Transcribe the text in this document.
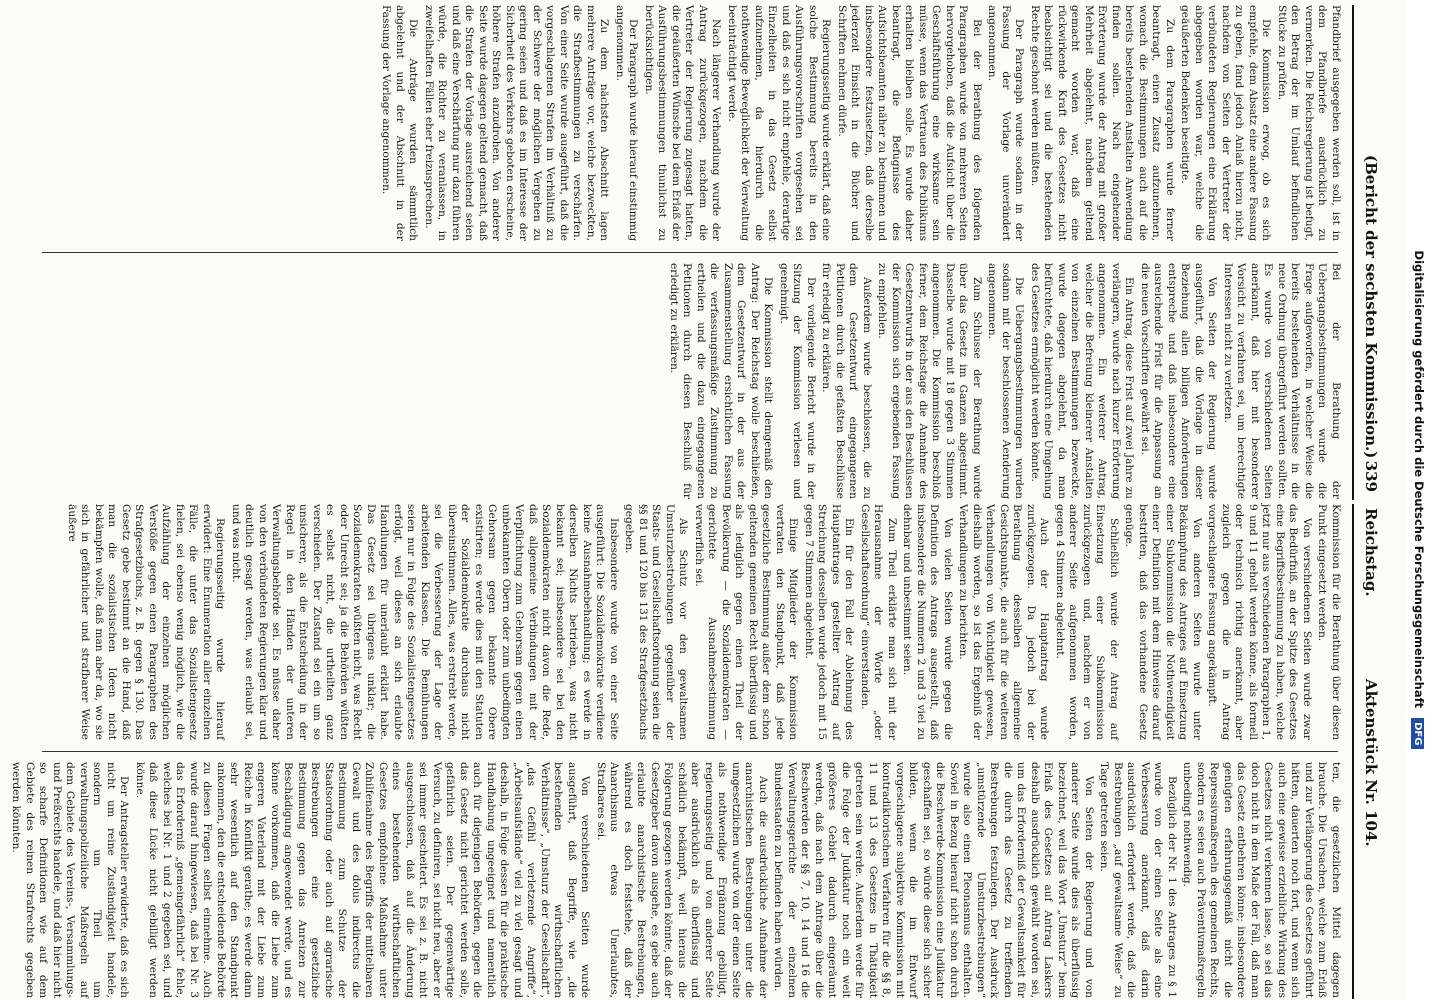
Digitalisierung gefördert durch die Deutsche Forschungsgemeinschaft DFG
Reichstag.
Aktenstück Nr. 104.

Kommission für die Berathung über diesen Punkt eingesetzt werden.

Von verschiedenen Seiten wurde zwar das Bedürfniß, an der Spitze des Gesetzes eine Begriffsbestimmung zu haben, welche jetzt nur aus verschiedenen Paragraphen 1, 9 und 11 geholt werden könne, als formell oder technisch richtig anerkannt, aber zugleich gegen die in Antrag vorgeschlagene Fassung angekämpft.

Von anderen Seiten wurde unter Bekämpfung des Antrages auf Einsetzung einer Subkommission die Nothwendigkeit einer Definition mit dem Hinweise darauf bestritten, daß das vorhandene Gesetz genüge.

Schließlich wurde der Antrag auf Einsetzung einer Subkommission zurückgezogen und, nachdem er von anderer Seite aufgenommen worden, gegen 4 Stimmen abgelehnt.

Auch der Hauptantrag wurde zurückgezogen. Da jedoch bei der Berathung desselben allgemeine Gesichtspunkte, die auch für die weiteren Verhandlungen von Wichtigkeit gewesen, dieshalb worden, so ist das Ergebniß der Verhandlungen zu berichten.

Von vielen Seiten wurde gegen die Definition des Antrags ausgestellt, daß insbesondere die Nummern 2 und 3 viel zu dehnbar und unbestimmt seien.

Zum Theil erklärte man sich mit der Herausnahme der Worte „oder Gesellschaftsordnung“ einverstanden.

Ein für den Fall der Ablehnung des Hauptantrages gestellter Antrag auf Streichung desselben wurde jedoch mit 15 gegen 7 Stimmen abgelehnt.

Einige Mitglieder der Kommission vertraten den Standpunkt, daß jede gesetzliche Bestimmung außer dem schon geltenden gemeinen Recht überflüssig und als lediglich gegen einen Theil der Bevölkerung — die Sozialdemokraten — gerichtete Ausnahmebestimmung verwerflich sei.

Als Schutz vor den gewaltsamen Umsturzbestrebungen gegenüber der Staats- und Gesellschaftsordnung seien die §§ 81 und 120 bis 131 des Strafgesetzbuchs gegeben.

Insbesondere wurde von einer Seite ausgeführt: Die Sozialdemokratie verdiene keine Ausnahmebehandlung; es werde in derselben Nichts betrieben, was nicht bekannt sei; insbesondere sei bei den Sozialdemokraten nicht davon die Rede, daß allgemeine Verbindungen mit der Verpflichtung zum Gehorsam gegen einen unbekannten Obern oder zum unbedingten Gehorsam gegen bekannte Obere existirten; es werde dies mit den Statuten der Sozialdemokratie durchaus nicht übereinstimmen. Alles, was erstrebt werde, sei die Verbesserung der Lage der arbeitenden Klassen. Die Bemühungen seien nur in Folge des Sozialistengesetzes erfolgt, weil dieses an sich erlaubte Handlungen für unerlaubt erklärt habe. Das Gesetz sei übrigens unklar; die Sozialdemokraten wüßten nicht, was Recht oder Unrecht sei; ja die Behörden wüßten es selbst nicht, die urtheilten ganz verschieden. Der Zustand sei ein um so unsicherer, als die Entscheidung in der Regel in den Händen der unteren Verwaltungsbehörde sei. Es müsse daher von den verbündeten Regierungen klar und deutlich gesagt werden, was erlaubt sei, und was nicht.

Regierungsseitig wurde hierauf erwidert: Eine Enumeration aller einzelnen Fälle, die unter das Sozialistengesetz fielen, sei ebenso wenig möglich, wie die Aufzählung der einzelnen möglichen Verstöße gegen einen Paragraphen des Strafgesetzbuchs, z. B. gegen § 130. Das Gesetz gebe bestimmt an die Hand, daß man die sozialistischen Ideen nicht bekämpfen wolle, daß man aber da, wo sie sich in gefährlicher und strafbarer Weise äußere

ten, die gesetzlichen Mittel dagegen brauche. Die Ursachen, welche zum Erlaß und zur Verlängerung des Gesetzes geführt hätten, dauerten noch fort, und wenn sich auch eine gewisse erziehliche Wirkung des Gesetzes nicht verkennen lasse, so sei das doch nicht in dem Maße der Fall, daß man das Gesetz entbehren könne; insbesondere genügten erfahrungsgemäß nicht die Repressivmaßregeln des gemeinen Rechts, sondern es seien auch Präventivmaßregeln unbedingt nothwendig.

Bezüglich der Nr. 1 des Antrages zu § 1 wurde von der einen Seite als eine Verbesserung anerkannt, daß darin ausdrücklich erfordert werde, daß die Bestrebungen „auf gewaltsame Weise“ zu Tage getreten seien.

Von Seiten der Regierung und von anderer Seite wurde dies als überflüssig bezeichnet, weil das Wort „Umsturz“ beim Erlaß des Gesetzes auf Antrag Laskers deshalb ausdrücklich gewählt worden sei, um das Erforderniß der Gewaltsamkeit für die durch das Gesetz zu treffenden Bestrebungen festzulegen. Der Ausdruck „umstürzende Umsturzbestrebungen“ wurde also einen Pleonasmus enthalten. Soviel in Bezug hierauf nicht schon durch die Beschwerde-Kommission eine Judikatur geschaffen sei, so würde diese sich sicher bilden, wenn die im Entwurf vorgeschlagene subjektive Kommission mit kontradiktorischem Verfahren für die §§ 8, 11 und 13 des Gesetzes in Thätigkeit getreten sein werde. Außerdem werde für die Folge der Judikatur noch ein weit größeres Gebiet dadurch eingeräumt werden, daß nach dem Antrage über die Beschwerden der §§ 7, 10, 14 und 16 die Verwaltungsgerichte der einzelnen Bundesstaaten zu befinden haben würden.

Auch die ausdrückliche Aufnahme der anarchistischen Bestrebungen unter die umgesetzlichen wurde von der einen Seite als nothwendige Ergänzung gebilligt, regierungsseitig und von anderer Seite aber ausdrücklich als überflüssig und schädlich bekämpft, weil hieraus die Folgerung gezogen werden könnte, daß der Gesetzgeber davon ausgehe, es gebe auch erlaubte anarchistische Bestrebungen, während es doch feststehe, daß der Anarchismus etwas Unerlaubtes, Strafbares sei.

Von verschiedenen Seiten wurde ausgeführt, daß Begriffe, wie „die bestehenden wirthschaftlichen Verhältnisse“, „Umsturz der Gesellschaft“, „das Gefühl verletzende Angriffe“, „Arbeitsaufstände“ viel zu viel gesagt und deshalb, in Folge dessen für die praktische Handhabung ungeeignet und namentlich auch für diejenigen Behörden, gegen die das Gesetz nicht gerichtet werden solle, gefährlich seien. Der gegenwärtige Versuch, zu definiren, sei nicht neu, aber er sei immer gescheitert. Es sei z. B. nicht ausgeschlossen, daß auf die Änderung eines bestehenden wirthschaftlichen Gesetzes empfohlene Maßnahme unter Zuhilfenahme des Begriffs der mittelbaren Gewalt und des dolus indirectus die Bestimmung zum Schutze der Staatsordnung oder auch auf agrarische Bestrebungen eine gesetzliche Bestimmung gegen das Anreizen zur Beschädigung angewendet werde, und es könne vorkommen, daß die Liebe zum engeren Vaterland mit der Liebe zum Reiche in Konflikt gerathe; es werde dann sehr wesentlich auf den Standpunkt ankommen, den die entscheidende Behörde zu diesen Fragen selbst einnehme. Auch wurde darauf hingewiesen, daß bei Nr. 3 das Erforderniß „gemeingefährlich“ fehle, welches bei Nr. 1 und 2 gegeben sei, und daß diese Lücke nicht gebilligt werden könne.

Der Antragsteller erwiderte, daß es sich nicht um reine Zuständigkeit handele, sondern um Theil um verwaltungspolizeiliche Maßregeln auf dem Gebiete des Vereins-, Versammlungs- und Preßrechts handele, und daß hier nicht so scharfe Definitionen wie auf dem Gebiete des reinen Strafrechts gegeben werden könnten.

(Bericht der sechsten Kommission.)
339

Pfandbrief ausgegeben werden soll, ist in dem Pfandbriefe ausdrücklich zu vermerken. Die Reichsregierung ist befugt, den Betrag der im Umlauf befindlichen Stücke zu prüfen.

Die Kommission erwog, ob es sich empfehle, dem Absatz eine andere Fassung zu geben, fand jedoch Anlaß hierzu nicht, nachdem von Seiten der Vertreter der verbündeten Regierungen eine Erklärung abgegeben worden war, welche die geäußerten Bedenken beseitigte.

Zu dem Paragraphen wurde ferner beantragt, einen Zusatz aufzunehmen, wonach die Bestimmungen auch auf die bereits bestehenden Anstalten Anwendung finden sollen. Nach eingehender Erörterung wurde der Antrag mit großer Mehrheit abgelehnt, nachdem geltend gemacht worden war, daß eine rückwirkende Kraft des Gesetzes nicht beabsichtigt sei und die bestehenden Rechte geschont werden müßten.

Der Paragraph wurde sodann in der Fassung der Vorlage unverändert angenommen.

Bei der Berathung des folgenden Paragraphen wurde von mehreren Seiten hervorgehoben, daß die Aufsicht über die Geschäftsführung eine wirksame sein müsse, wenn das Vertrauen des Publikums erhalten bleiben solle. Es wurde daher beantragt, die Befugnisse des Aufsichtsbeamten näher zu bestimmen und insbesondere festzusetzen, daß derselbe jederzeit Einsicht in die Bücher und Schriften nehmen dürfe.

Regierungsseitig wurde erklärt, daß eine solche Bestimmung bereits in den Ausführungsvorschriften vorgesehen sei und daß es sich nicht empfehle, derartige Einzelheiten in das Gesetz selbst aufzunehmen, da hierdurch die nothwendige Beweglichkeit der Verwaltung beeinträchtigt werde.

Nach längerer Verhandlung wurde der Antrag zurückgezogen, nachdem die Vertreter der Regierung zugesagt hatten, die geäußerten Wünsche bei dem Erlaß der Ausführungsbestimmungen thunlichst zu berücksichtigen.

Der Paragraph wurde hierauf einstimmig angenommen.

Zu dem nächsten Abschnitt lagen mehrere Anträge vor, welche bezweckten, die Strafbestimmungen zu verschärfen. Von einer Seite wurde ausgeführt, daß die vorgeschlagenen Strafen im Verhältniß zu der Schwere der möglichen Vergehen zu gering seien und daß es im Interesse der Sicherheit des Verkehrs geboten erscheine, höhere Strafen anzudrohen. Von anderer Seite wurde dagegen geltend gemacht, daß die Strafen der Vorlage ausreichend seien und daß eine Verschärfung nur dazu führen würde, die Richter zu veranlassen, in zweifelhaften Fällen eher freizusprechen.

Die Anträge wurden sämmtlich abgelehnt und der Abschnitt in der Fassung der Vorlage angenommen.

Bei der Berathung der Uebergangsbestimmungen wurde die Frage aufgeworfen, in welcher Weise die bereits bestehenden Verhältnisse in die neue Ordnung übergeführt werden sollten. Es wurde von verschiedenen Seiten anerkannt, daß hier mit besonderer Vorsicht zu verfahren sei, um berechtigte Interessen nicht zu verletzen.

Von Seiten der Regierung wurde ausgeführt, daß die Vorlage in dieser Beziehung allen billigen Anforderungen entspreche und daß insbesondere eine ausreichende Frist für die Anpassung an die neuen Vorschriften gewährt sei.

Ein Antrag, diese Frist auf zwei Jahre zu verlängern, wurde nach kurzer Erörterung angenommen. Ein weiterer Antrag, welcher die Befreiung kleinerer Anstalten von einzelnen Bestimmungen bezweckte, wurde dagegen abgelehnt, da man befürchtete, daß hierdurch eine Umgehung des Gesetzes ermöglicht werden könnte.

Die Uebergangsbestimmungen wurden sodann mit der beschlossenen Aenderung angenommen.

Zum Schlusse der Berathung wurde über das Gesetz im Ganzen abgestimmt. Dasselbe wurde mit 18 gegen 3 Stimmen angenommen. Die Kommission beschloß ferner, dem Reichstage die Annahme des Gesetzentwurfs in der aus den Beschlüssen der Kommission sich ergebenden Fassung zu empfehlen.

Außerdem wurde beschlossen, die zu dem Gesetzentwurf eingegangenen Petitionen durch die gefaßten Beschlüsse für erledigt zu erklären.

Der vorliegende Bericht wurde in der Sitzung der Kommission verlesen und genehmigt.

Die Kommission stellt demgemäß den Antrag: Der Reichstag wolle beschließen, dem Gesetzentwurf in der aus der Zusammenstellung ersichtlichen Fassung die verfassungsmäßige Zustimmung zu ertheilen und die dazu eingegangenen Petitionen durch diesen Beschluß für erledigt zu erklären.
